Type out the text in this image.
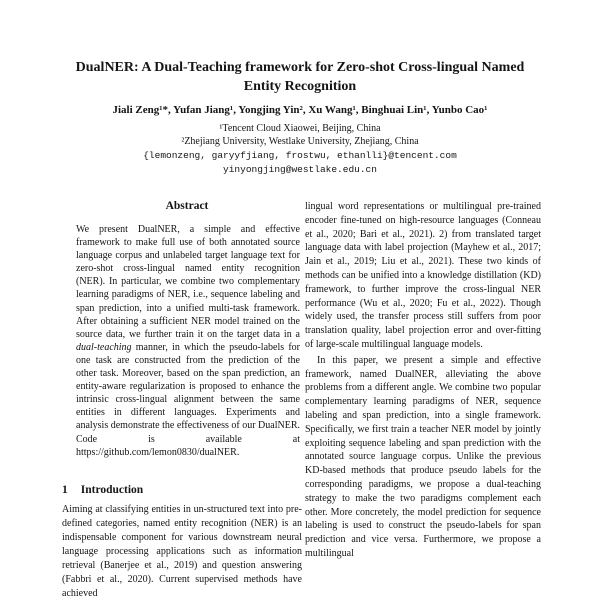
DualNER: A Dual-Teaching framework for Zero-shot Cross-lingual Named Entity Recognition
Jiali Zeng¹*, Yufan Jiang¹, Yongjing Yin², Xu Wang¹, Binghuai Lin¹, Yunbo Cao¹
¹Tencent Cloud Xiaowei, Beijing, China
²Zhejiang University, Westlake University, Zhejiang, China
{lemonzeng, garyyfjiang, frostwu, ethanlli}@tencent.com
yinyongjing@westlake.edu.cn
Abstract
We present DualNER, a simple and effective framework to make full use of both annotated source language corpus and unlabeled target language text for zero-shot cross-lingual named entity recognition (NER). In particular, we combine two complementary learning paradigms of NER, i.e., sequence labeling and span prediction, into a unified multi-task framework. After obtaining a sufficient NER model trained on the source data, we further train it on the target data in a dual-teaching manner, in which the pseudo-labels for one task are constructed from the prediction of the other task. Moreover, based on the span prediction, an entity-aware regularization is proposed to enhance the intrinsic cross-lingual alignment between the same entities in different languages. Experiments and analysis demonstrate the effectiveness of our DualNER. Code is available at https://github.com/lemon0830/dualNER.
1 Introduction
Aiming at classifying entities in un-structured text into pre-defined categories, named entity recognition (NER) is an indispensable component for various downstream neural language processing applications such as information retrieval (Banerjee et al., 2019) and question answering (Fabbri et al., 2020). Current supervised methods have achieved

lingual word representations or multilingual pre-trained encoder fine-tuned on high-resource languages (Conneau et al., 2020; Bari et al., 2021). 2) from translated target language data with label projection (Mayhew et al., 2017; Jain et al., 2019; Liu et al., 2021). These two kinds of methods can be unified into a knowledge distillation (KD) framework, to further improve the cross-lingual NER performance (Wu et al., 2020; Fu et al., 2022). Though widely used, the transfer process still suffers from poor translation quality, label projection error and over-fitting of large-scale multilingual language models.

In this paper, we present a simple and effective framework, named DualNER, alleviating the above problems from a different angle. We combine two popular complementary learning paradigms of NER, sequence labeling and span prediction, into a single framework. Specifically, we first train a teacher NER model by jointly exploiting sequence labeling and span prediction with the annotated source language corpus. Unlike the previous KD-based methods that produce pseudo labels for the corresponding paradigms, we propose a dual-teaching strategy to make the two paradigms complement each other. More concretely, the model prediction for sequence labeling is used to construct the pseudo-labels for span prediction and vice versa. Furthermore, we propose a multilingual
